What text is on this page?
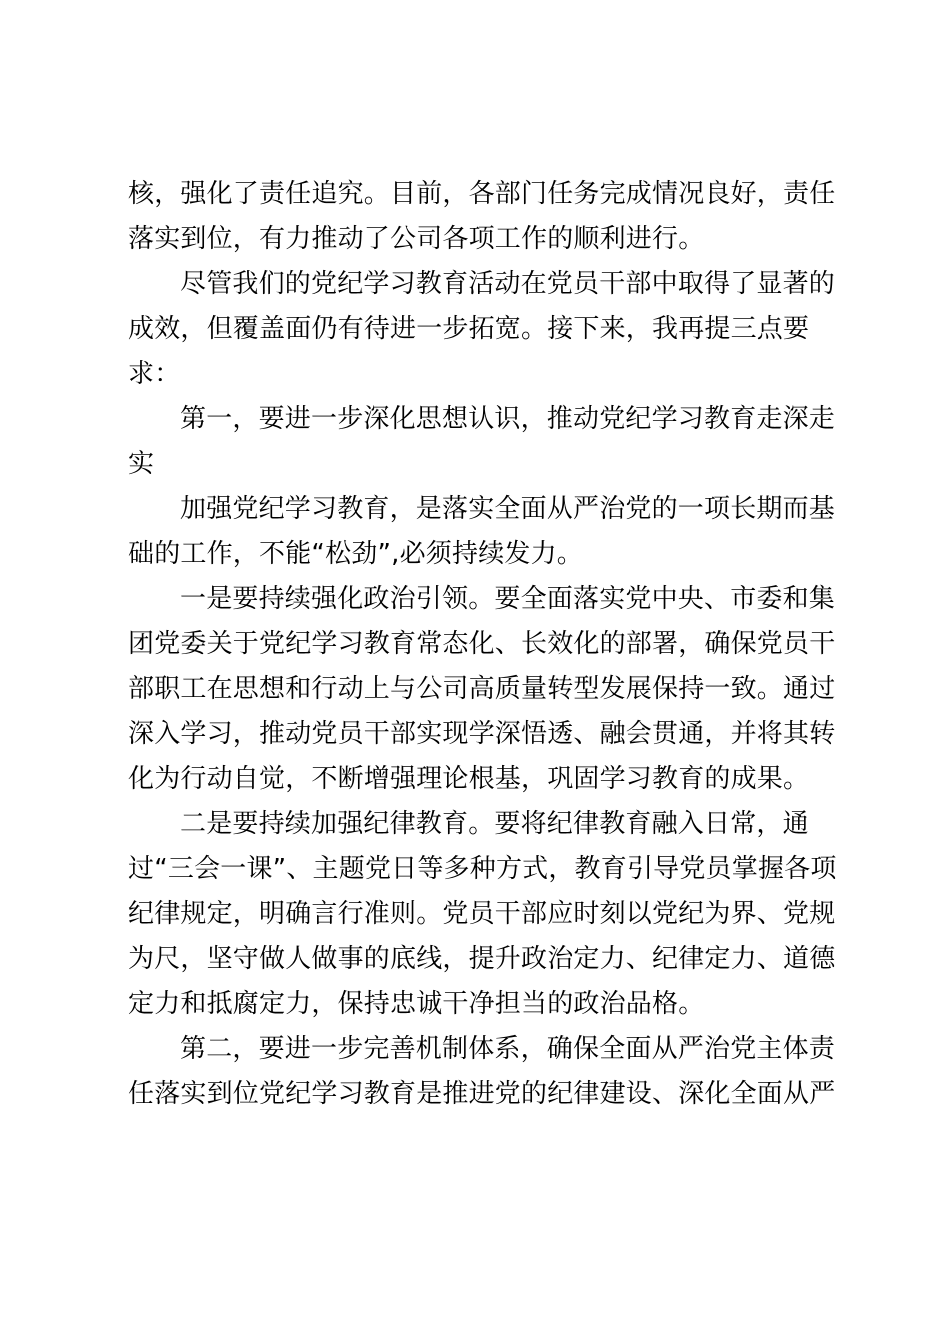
核，强化了责任追究。目前，各部门任务完成情况良好，责任
落实到位，有力推动了公司各项工作的顺利进行。

尽管我们的党纪学习教育活动在党员干部中取得了显著的
成效，但覆盖面仍有待进一步拓宽。接下来，我再提三点要
求：

第一，要进一步深化思想认识，推动党纪学习教育走深走
实

加强党纪学习教育，是落实全面从严治党的一项长期而基
础的工作，不能“松劲”,必须持续发力。

一是要持续强化政治引领。要全面落实党中央、市委和集
团党委关于党纪学习教育常态化、长效化的部署，确保党员干
部职工在思想和行动上与公司高质量转型发展保持一致。通过
深入学习，推动党员干部实现学深悟透、融会贯通，并将其转
化为行动自觉，不断增强理论根基，巩固学习教育的成果。

二是要持续加强纪律教育。要将纪律教育融入日常，通
过“三会一课”、主题党日等多种方式，教育引导党员掌握各项
纪律规定，明确言行准则。党员干部应时刻以党纪为界、党规
为尺，坚守做人做事的底线，提升政治定力、纪律定力、道德
定力和抵腐定力，保持忠诚干净担当的政治品格。

第二，要进一步完善机制体系，确保全面从严治党主体责
任落实到位党纪学习教育是推进党的纪律建设、深化全面从严
